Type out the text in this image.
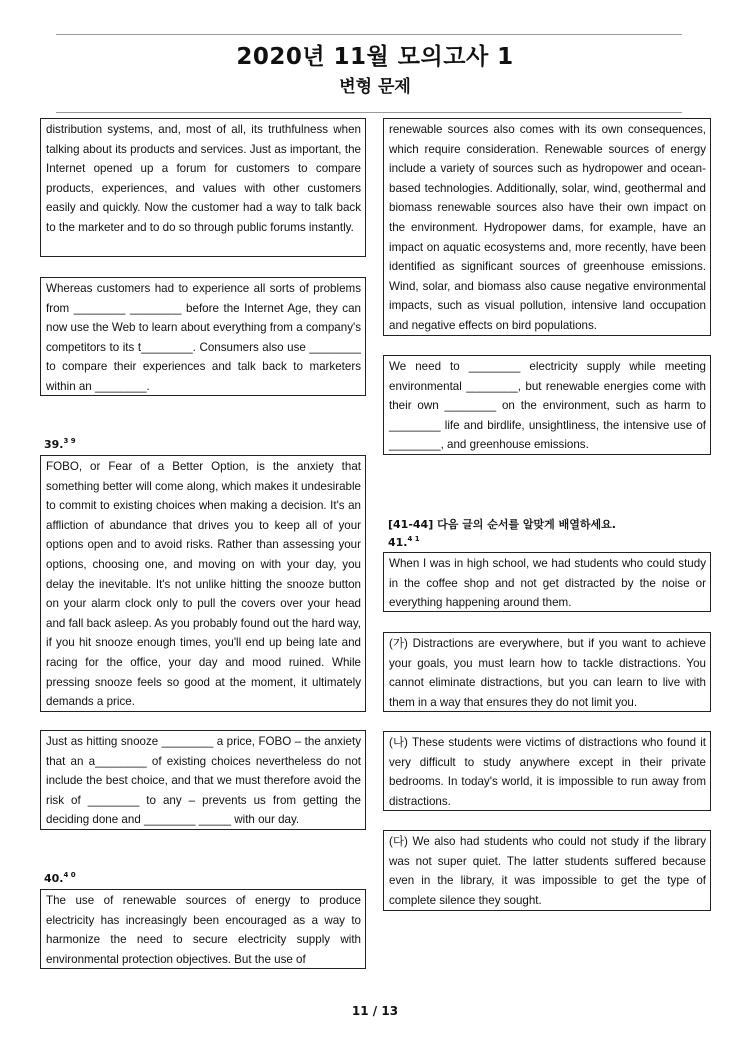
2020년 11월 모의고사 1
변형 문제
distribution systems, and, most of all, its truthfulness when talking about its products and services. Just as important, the Internet opened up a forum for customers to compare products, experiences, and values with other customers easily and quickly. Now the customer had a way to talk back to the marketer and to do so through public forums instantly.
Whereas customers had to experience all sorts of problems from ________ ________ before the Internet Age, they can now use the Web to learn about everything from a company's competitors to its t________. Consumers also use ________ to compare their experiences and talk back to marketers within an ________.
39.$^{3 9}$
FOBO, or Fear of a Better Option, is the anxiety that something better will come along, which makes it undesirable to commit to existing choices when making a decision. It's an affliction of abundance that drives you to keep all of your options open and to avoid risks. Rather than assessing your options, choosing one, and moving on with your day, you delay the inevitable. It's not unlike hitting the snooze button on your alarm clock only to pull the covers over your head and fall back asleep. As you probably found out the hard way, if you hit snooze enough times, you'll end up being late and racing for the office, your day and mood ruined. While pressing snooze feels so good at the moment, it ultimately demands a price.
Just as hitting snooze ________ a price, FOBO – the anxiety that an a________ of existing choices nevertheless do not include the best choice, and that we must therefore avoid the risk of ________ to any – prevents us from getting the deciding done and ________ _____ with our day.
40.$^{4 0}$
The use of renewable sources of energy to produce electricity has increasingly been encouraged as a way to harmonize the need to secure electricity supply with environmental protection objectives. But the use of
renewable sources also comes with its own consequences, which require consideration. Renewable sources of energy include a variety of sources such as hydropower and ocean-based technologies. Additionally, solar, wind, geothermal and biomass renewable sources also have their own impact on the environment. Hydropower dams, for example, have an impact on aquatic ecosystems and, more recently, have been identified as significant sources of greenhouse emissions. Wind, solar, and biomass also cause negative environmental impacts, such as visual pollution, intensive land occupation and negative effects on bird populations.
We need to ________ electricity supply while meeting environmental ________, but renewable energies come with their own ________ on the environment, such as harm to ________ life and birdlife, unsightliness, the intensive use of ________, and greenhouse emissions.
[41-44] 다음 글의 순서를 알맞게 배열하세요.
41.$^{4 1}$
When I was in high school, we had students who could study in the coffee shop and not get distracted by the noise or everything happening around them.
(가) Distractions are everywhere, but if you want to achieve your goals, you must learn how to tackle distractions. You cannot eliminate distractions, but you can learn to live with them in a way that ensures they do not limit you.
(나) These students were victims of distractions who found it very difficult to study anywhere except in their private bedrooms. In today's world, it is impossible to run away from distractions.
(다) We also had students who could not study if the library was not super quiet. The latter students suffered because even in the library, it was impossible to get the type of complete silence they sought.
11 / 13
